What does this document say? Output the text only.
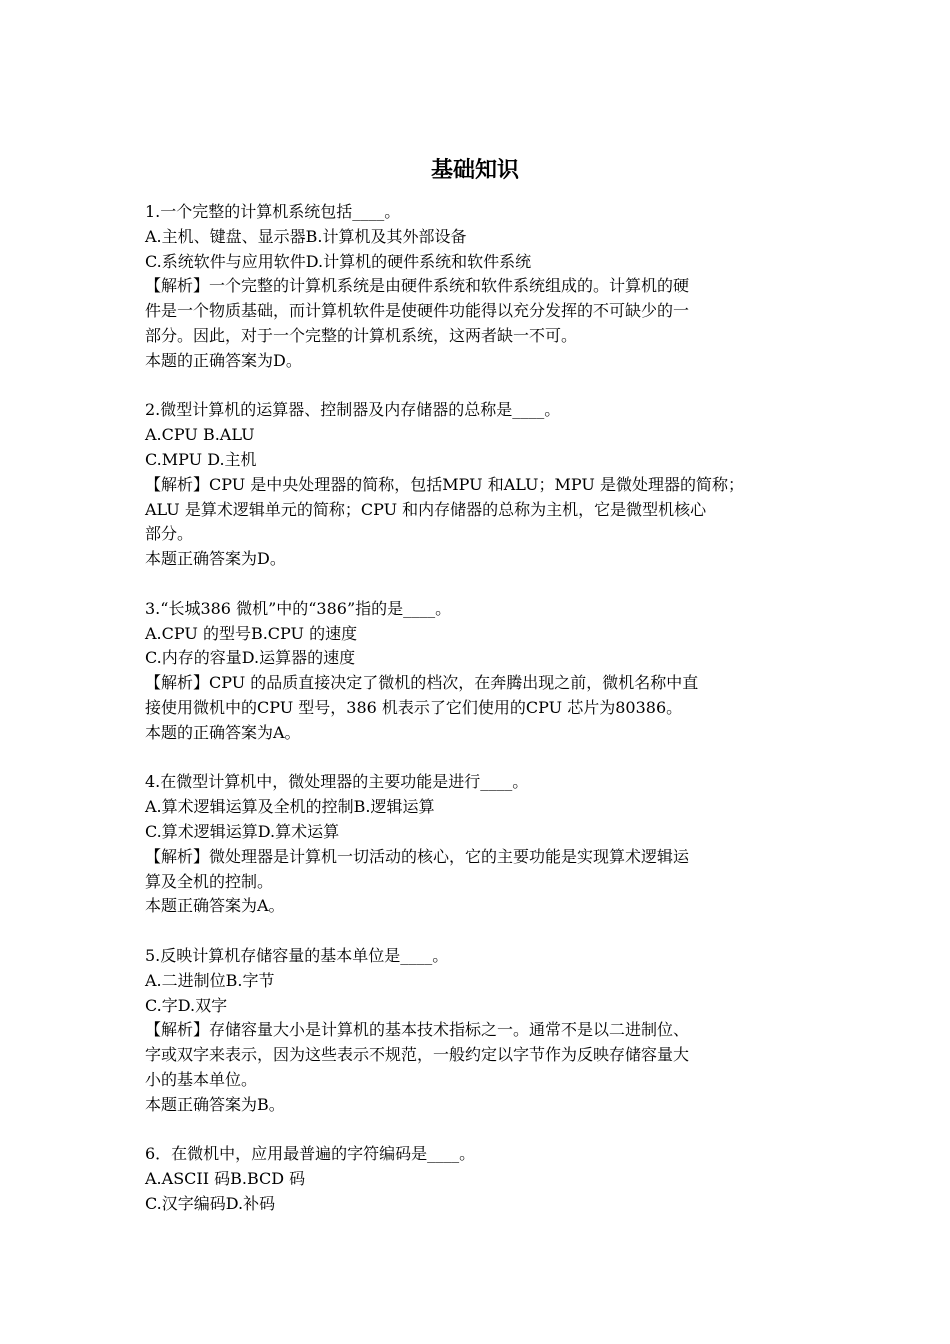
基础知识

1.一个完整的计算机系统包括____。

A.主机、键盘、显示器B.计算机及其外部设备

C.系统软件与应用软件D.计算机的硬件系统和软件系统

【解析】一个完整的计算机系统是由硬件系统和软件系统组成的。计算机的硬

件是一个物质基础，而计算机软件是使硬件功能得以充分发挥的不可缺少的一

部分。因此，对于一个完整的计算机系统，这两者缺一不可。

本题的正确答案为D。

2.微型计算机的运算器、控制器及内存储器的总称是____。

A.CPU B.ALU

C.MPU D.主机

【解析】CPU 是中央处理器的简称，包括MPU 和ALU；MPU 是微处理器的简称；

ALU 是算术逻辑单元的简称；CPU 和内存储器的总称为主机，它是微型机核心

部分。

本题正确答案为D。

3.“长城386 微机”中的“386”指的是____。

A.CPU 的型号B.CPU 的速度

C.内存的容量D.运算器的速度

【解析】CPU 的品质直接决定了微机的档次，在奔腾出现之前，微机名称中直

接使用微机中的CPU 型号，386 机表示了它们使用的CPU 芯片为80386。

本题的正确答案为A。

4.在微型计算机中，微处理器的主要功能是进行____。

A.算术逻辑运算及全机的控制B.逻辑运算

C.算术逻辑运算D.算术运算

【解析】微处理器是计算机一切活动的核心，它的主要功能是实现算术逻辑运

算及全机的控制。

本题正确答案为A。

5.反映计算机存储容量的基本单位是____。

A.二进制位B.字节

C.字D.双字

【解析】存储容量大小是计算机的基本技术指标之一。通常不是以二进制位、

字或双字来表示，因为这些表示不规范，一般约定以字节作为反映存储容量大

小的基本单位。

本题正确答案为B。

6．在微机中，应用最普遍的字符编码是____。

A.ASCII 码B.BCD 码

C.汉字编码D.补码
